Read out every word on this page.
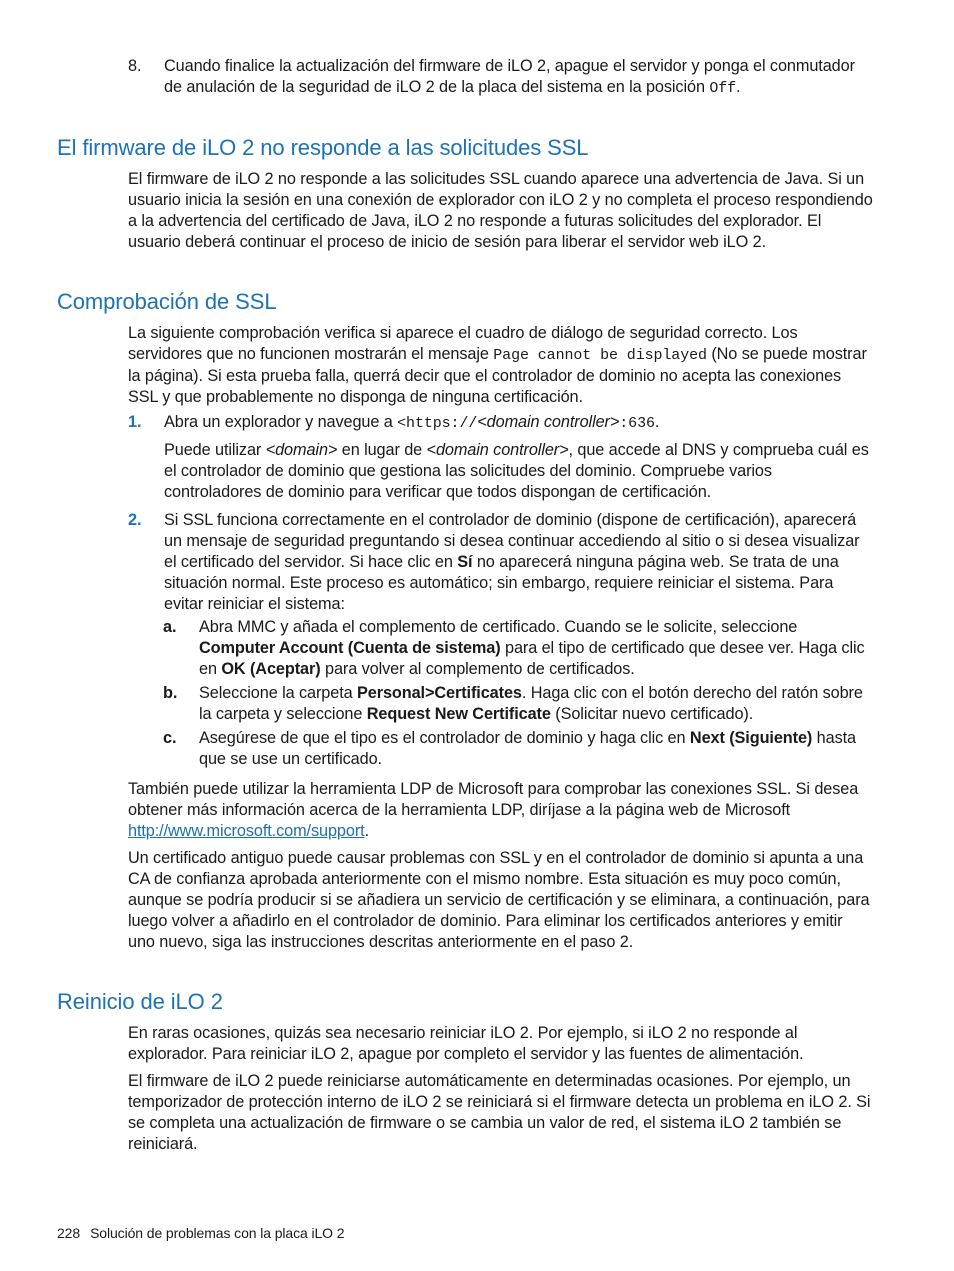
8. Cuando finalice la actualización del firmware de iLO 2, apague el servidor y ponga el conmutador de anulación de la seguridad de iLO 2 de la placa del sistema en la posición Off.

El firmware de iLO 2 no responde a las solicitudes SSL

El firmware de iLO 2 no responde a las solicitudes SSL cuando aparece una advertencia de Java. Si un usuario inicia la sesión en una conexión de explorador con iLO 2 y no completa el proceso respondiendo a la advertencia del certificado de Java, iLO 2 no responde a futuras solicitudes del explorador. El usuario deberá continuar el proceso de inicio de sesión para liberar el servidor web iLO 2.

Comprobación de SSL

La siguiente comprobación verifica si aparece el cuadro de diálogo de seguridad correcto. Los servidores que no funcionen mostrarán el mensaje Page cannot be displayed (No se puede mostrar la página). Si esta prueba falla, querrá decir que el controlador de dominio no acepta las conexiones SSL y que probablemente no disponga de ninguna certificación.

1. Abra un explorador y navegue a <https://<domain controller>:636.

Puede utilizar <domain> en lugar de <domain controller>, que accede al DNS y comprueba cuál es el controlador de dominio que gestiona las solicitudes del dominio. Compruebe varios controladores de dominio para verificar que todos dispongan de certificación.

2. Si SSL funciona correctamente en el controlador de dominio (dispone de certificación), aparecerá un mensaje de seguridad preguntando si desea continuar accediendo al sitio o si desea visualizar el certificado del servidor. Si hace clic en Sí no aparecerá ninguna página web. Se trata de una situación normal. Este proceso es automático; sin embargo, requiere reiniciar el sistema. Para evitar reiniciar el sistema:

a. Abra MMC y añada el complemento de certificado. Cuando se le solicite, seleccione Computer Account (Cuenta de sistema) para el tipo de certificado que desee ver. Haga clic en OK (Aceptar) para volver al complemento de certificados.

b. Seleccione la carpeta Personal>Certificates. Haga clic con el botón derecho del ratón sobre la carpeta y seleccione Request New Certificate (Solicitar nuevo certificado).

c. Asegúrese de que el tipo es el controlador de dominio y haga clic en Next (Siguiente) hasta que se use un certificado.

También puede utilizar la herramienta LDP de Microsoft para comprobar las conexiones SSL. Si desea obtener más información acerca de la herramienta LDP, diríjase a la página web de Microsoft http://www.microsoft.com/support.

Un certificado antiguo puede causar problemas con SSL y en el controlador de dominio si apunta a una CA de confianza aprobada anteriormente con el mismo nombre. Esta situación es muy poco común, aunque se podría producir si se añadiera un servicio de certificación y se eliminara, a continuación, para luego volver a añadirlo en el controlador de dominio. Para eliminar los certificados anteriores y emitir uno nuevo, siga las instrucciones descritas anteriormente en el paso 2.

Reinicio de iLO 2

En raras ocasiones, quizás sea necesario reiniciar iLO 2. Por ejemplo, si iLO 2 no responde al explorador. Para reiniciar iLO 2, apague por completo el servidor y las fuentes de alimentación.

El firmware de iLO 2 puede reiniciarse automáticamente en determinadas ocasiones. Por ejemplo, un temporizador de protección interno de iLO 2 se reiniciará si el firmware detecta un problema en iLO 2. Si se completa una actualización de firmware o se cambia un valor de red, el sistema iLO 2 también se reiniciará.

228 Solución de problemas con la placa iLO 2
